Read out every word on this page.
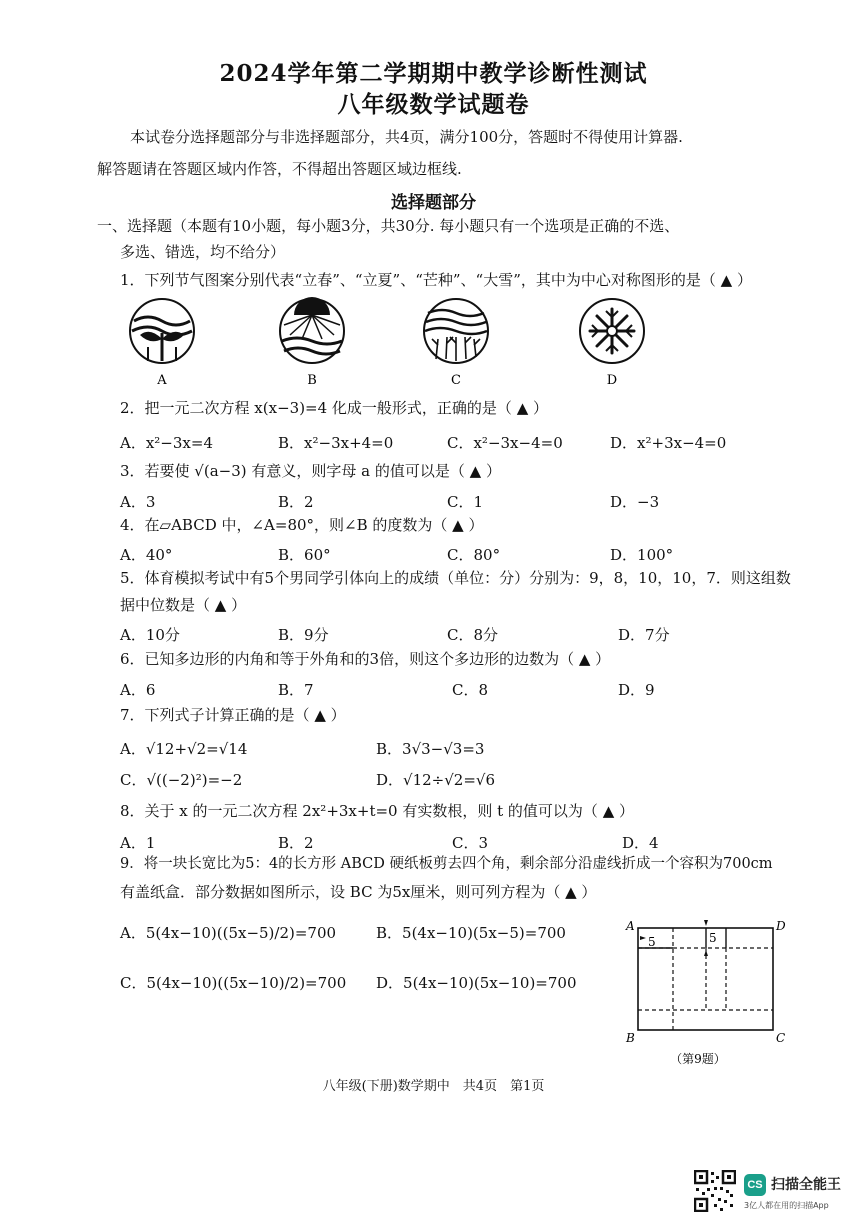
2024学年第二学期期中教学诊断性测试
八年级数学试题卷
本试卷分选择题部分与非选择题部分，共4页，满分100分，答题时不得使用计算器.
解答题请在答题区域内作答，不得超出答题区域边框线.
选择题部分
一、选择题（本题有10小题，每小题3分，共30分. 每小题只有一个选项是正确的不选、
多选、错选，均不给分）
1．下列节气图案分别代表“立春”、“立夏”、“芒种”、“大雪”，其中为中心对称图形的是（ ▲ ）
A	B	C	D
2．把一元二次方程 x(x−3)=4 化成一般形式，正确的是（ ▲ ）
A．x²−3x=4	B．x²−3x+4=0	C．x²−3x−4=0	D．x²+3x−4=0
3．若要使 √(a−3) 有意义，则字母 a 的值可以是（ ▲ ）
A．3	B．2	C．1	D．−3
4．在▱ABCD 中，∠A=80°，则∠B 的度数为（ ▲ ）
A．40°	B．60°	C．80°	D．100°
5．体育模拟考试中有5个男同学引体向上的成绩（单位：分）分别为：9，8，10，10，7．则这组数
据中位数是（ ▲ ）
A．10分	B．9分	C．8分	D．7分
6．已知多边形的内角和等于外角和的3倍，则这个多边形的边数为（ ▲ ）
A．6	B．7	C．8	D．9
7．下列式子计算正确的是（ ▲ ）
A．√12+√2=√14	B．3√3−√3=3
C．√((−2)²)=−2	D．√12÷√2=√6
8．关于 x 的一元二次方程 2x²+3x+t=0 有实数根，则 t 的值可以为（ ▲ ）
A．1	B．2	C．3	D．4
9．将一块长宽比为5：4的长方形 ABCD 硬纸板剪去四个角，剩余部分沿虚线折成一个容积为700cm
有盖纸盒．部分数据如图所示，设 BC 为5x厘米，则可列方程为（ ▲ ）
A．5(4x−10)((5x−5)/2)=700	B．5(4x−10)(5x−5)=700
C．5(4x−10)((5x−10)/2)=700 D．5(4x−10)(5x−10)=700
A	D
B	C
5	5
（第9题）
八年级(下册)数学期中　共4页　第1页
CS 扫描全能王
3亿人都在用的扫描App
